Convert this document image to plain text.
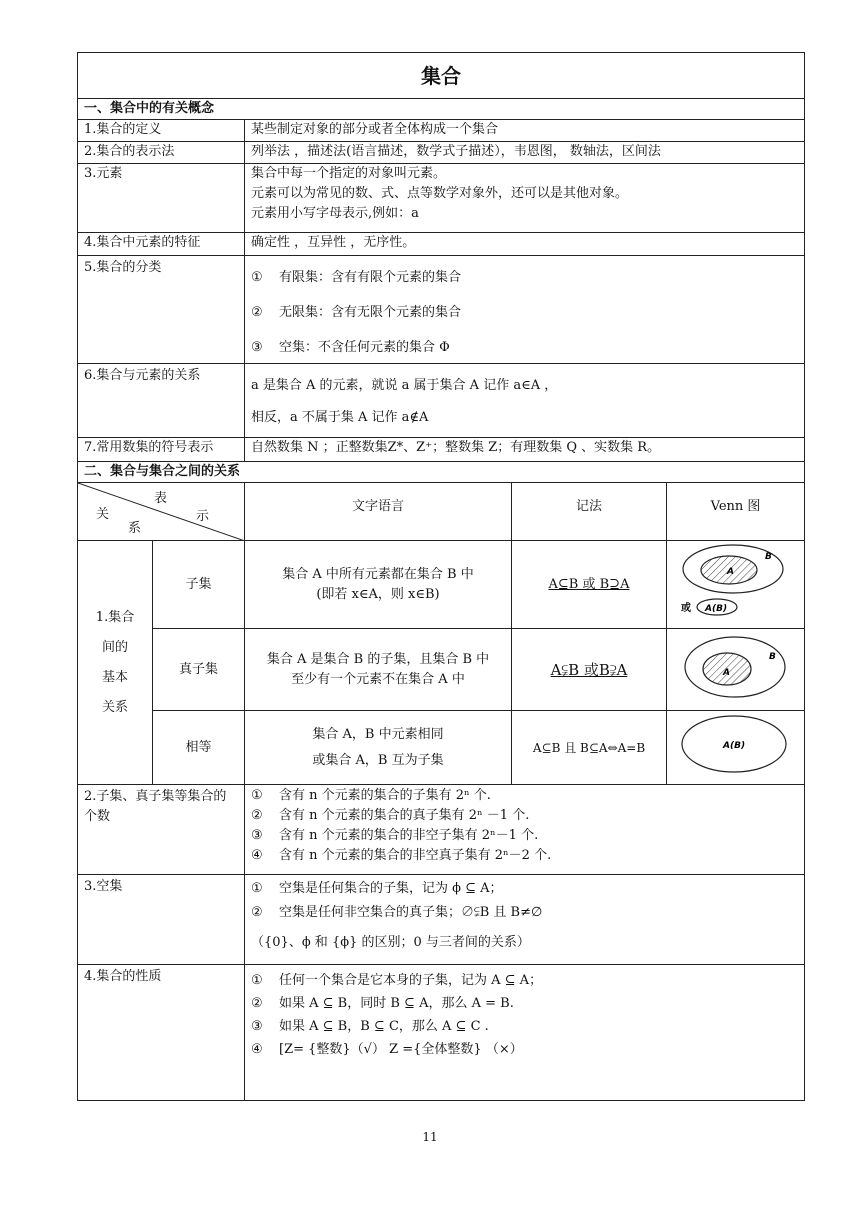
集合				
一、集合中的有关概念				
1.集合的定义		某些制定对象的部分或者全体构成一个集合		

2.集合的表示法		列举法 ，描述法(语言描述，数学式子描述），韦恩图， 数轴法，区间法		

3.元素		集合中每一个指定的对象叫元素。
元素可以为常见的数、式、点等数学对象外，还可以是其他对象。
元素用小写字母表示,例如：a		

4.集合中元素的特征		确定性 ，互异性 ，无序性。		

5.集合的分类		① 有限集：含有有限个元素的集合
② 无限集：含有无限个元素的集合
③ 空集：不含任何元素的集合 Φ		

6.集合与元素的关系		a 是集合 A 的元素，就说 a 属于集合 A 记作 a∈A ，
相反，a 不属于集 A 记作 a∉A		

7.常用数集的符号表示		自然数集 N ；正整数集Z*、Z⁺；整数集 Z；有理数集 Q 、实数集 R。		

二、集合与集合之间的关系				

表
示
关
系		文字语言	记法	Venn 图

1.集合
间的
基本
关系	子集	集合 A 中所有元素都在集合 B 中
(即若 x∈A，则 x∈B)	A⊆B 或 B⊇A	A
B
或 A(B)

	真子集	集合 A 是集合 B 的子集，且集合 B 中
至少有一个元素不在集合 A 中	A⫋B 或B⫌A	A
B

	相等	集合 A，B 中元素相同
或集合 A，B 互为子集	A⊆B 且 B⊆A⇔A=B	A(B)

2.子集、真子集等集合的个数		① 含有 n 个元素的集合的子集有 2ⁿ 个.
② 含有 n 个元素的集合的真子集有 2ⁿ －1 个.
③ 含有 n 个元素的集合的非空子集有 2ⁿ－1 个.
④ 含有 n 个元素的集合的非空真子集有 2ⁿ－2 个.		

3.空集		① 空集是任何集合的子集，记为 ϕ ⊆ A；
② 空集是任何非空集合的真子集；∅⫋B 且 B≠∅
（{0}、ϕ 和 {ϕ} 的区别；0 与三者间的关系）		

4.集合的性质		① 任何一个集合是它本身的子集，记为 A ⊆ A；
② 如果 A ⊆ B，同时 B ⊆ A，那么 A = B.
③ 如果 A ⊆ B，B ⊆ C，那么 A ⊆ C .
④ [Z= {整数}（√） Z ={全体整数} （×）		
11
